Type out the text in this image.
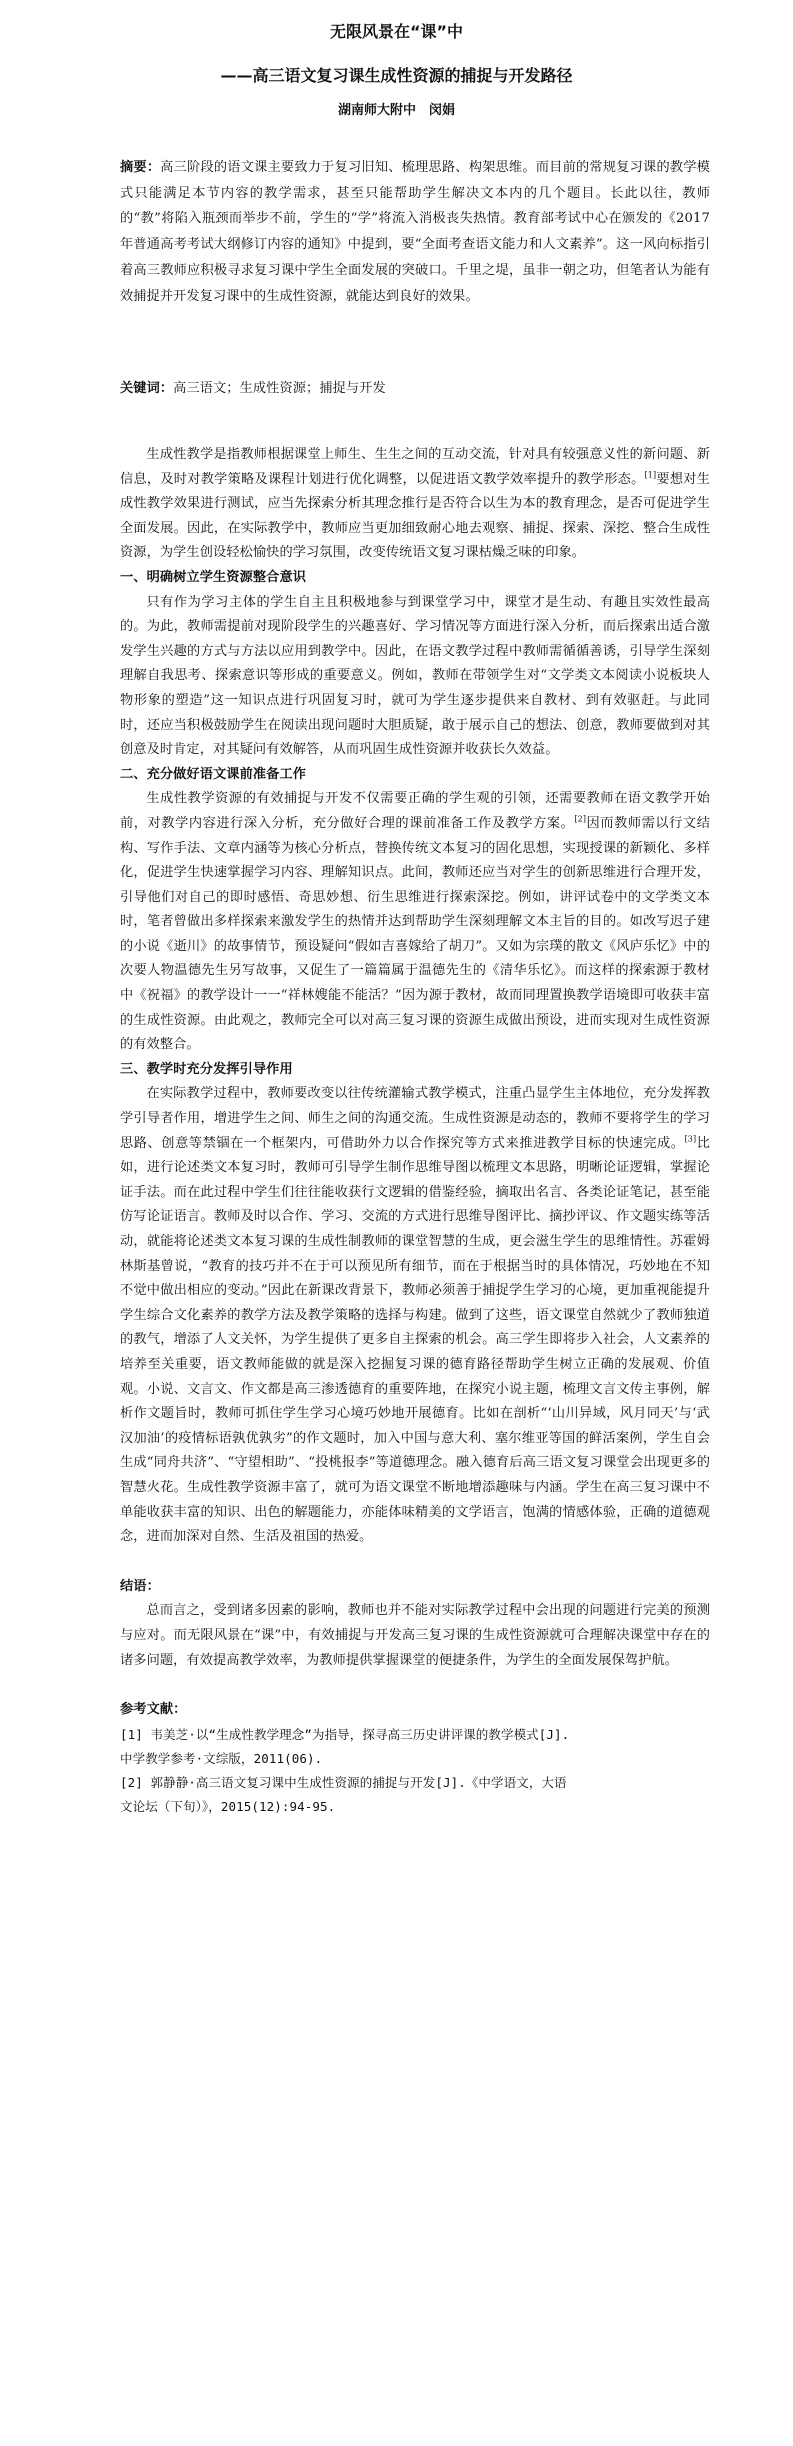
无限风景在“课”中
——高三语文复习课生成性资源的捕捉与开发路径
湖南师大附中　闵娟
摘要：高三阶段的语文课主要致力于复习旧知、梳理思路、构架思维。而目前的常规复习课的教学模式只能满足本节内容的教学需求，甚至只能帮助学生解决文本内的几个题目。长此以往，教师的“教”将陷入瓶颈而举步不前，学生的“学”将流入消极丧失热情。教育部考试中心在颁发的《2017年普通高考考试大纲修订内容的通知》中提到，要“全面考查语文能力和人文素养”。这一风向标指引着高三教师应积极寻求复习课中学生全面发展的突破口。千里之堤，虽非一朝之功，但笔者认为能有效捕捉并开发复习课中的生成性资源，就能达到良好的效果。
关键词：高三语文；生成性资源；捕捉与开发

生成性教学是指教师根据课堂上师生、生生之间的互动交流，针对具有较强意义性的新问题、新信息，及时对教学策略及课程计划进行优化调整，以促进语文教学效率提升的教学形态。[1]要想对生成性教学效果进行测试，应当先探索分析其理念推行是否符合以生为本的教育理念，是否可促进学生全面发展。因此，在实际教学中，教师应当更加细致耐心地去观察、捕捉、探索、深挖、整合生成性资源，为学生创设轻松愉快的学习氛围，改变传统语文复习课枯燥乏味的印象。

一、明确树立学生资源整合意识

只有作为学习主体的学生自主且积极地参与到课堂学习中，课堂才是生动、有趣且实效性最高的。为此，教师需提前对现阶段学生的兴趣喜好、学习情况等方面进行深入分析，而后探索出适合激发学生兴趣的方式与方法以应用到教学中。因此，在语文教学过程中教师需循循善诱，引导学生深刻理解自我思考、探索意识等形成的重要意义。例如，教师在带领学生对“文学类文本阅读小说板块人物形象的塑造”这一知识点进行巩固复习时，就可为学生逐步提供来自教材、到有效驱赶。与此同时，还应当积极鼓励学生在阅读出现问题时大胆质疑，敢于展示自己的想法、创意，教师要做到对其创意及时肯定，对其疑问有效解答，从而巩固生成性资源并收获长久效益。

二、充分做好语文课前准备工作

生成性教学资源的有效捕捉与开发不仅需要正确的学生观的引领，还需要教师在语文教学开始前，对教学内容进行深入分析，充分做好合理的课前准备工作及教学方案。[2]因而教师需以行文结构、写作手法、文章内涵等为核心分析点，替换传统文本复习的固化思想，实现授课的新颖化、多样化，促进学生快速掌握学习内容、理解知识点。此间，教师还应当对学生的创新思维进行合理开发，引导他们对自己的即时感悟、奇思妙想、衍生思维进行探索深挖。例如，讲评试卷中的文学类文本时，笔者曾做出多样探索来激发学生的热情并达到帮助学生深刻理解文本主旨的目的。如改写迟子建的小说《逝川》的故事情节，预设疑问“假如吉喜嫁给了胡刀”。又如为宗璞的散文《风庐乐忆》中的次要人物温德先生另写故事，又促生了一篇篇属于温德先生的《清华乐忆》。而这样的探索源于教材中《祝福》的教学设计一一“祥林嫂能不能活？”因为源于教材，故而同理置换教学语境即可收获丰富的生成性资源。由此观之，教师完全可以对高三复习课的资源生成做出预设，进而实现对生成性资源的有效整合。

三、教学时充分发挥引导作用

在实际教学过程中，教师要改变以往传统灌输式教学模式，注重凸显学生主体地位，充分发挥教学引导者作用，增进学生之间、师生之间的沟通交流。生成性资源是动态的，教师不要将学生的学习思路、创意等禁锢在一个框架内，可借助外力以合作探究等方式来推进教学目标的快速完成。[3]比如，进行论述类文本复习时，教师可引导学生制作思维导图以梳理文本思路，明晰论证逻辑，掌握论证手法。而在此过程中学生们往往能收获行文逻辑的借鉴经验，摘取出名言、各类论证笔记，甚至能仿写论证语言。教师及时以合作、学习、交流的方式进行思维导图评比、摘抄评议、作文题实练等活动，就能将论述类文本复习课的生成性制教师的课堂智慧的生成，更会滋生学生的思维情性。苏霍姆林斯基曾说，“教育的技巧并不在于可以预见所有细节，而在于根据当时的具体情况，巧妙地在不知不觉中做出相应的变动。”因此在新课改背景下，教师必须善于捕捉学生学习的心境，更加重视能提升学生综合文化素养的教学方法及教学策略的选择与构建。做到了这些，语文课堂自然就少了教师独道的教气，增添了人文关怀，为学生提供了更多自主探索的机会。高三学生即将步入社会，人文素养的培养至关重要，语文教师能做的就是深入挖掘复习课的德育路径帮助学生树立正确的发展观、价值观。小说、文言文、作文都是高三渗透德育的重要阵地，在探究小说主题，梳理文言文传主事例，解析作文题旨时，教师可抓住学生学习心境巧妙地开展德育。比如在剖析“‘山川异域，风月同天’与‘武汉加油’的疫情标语孰优孰劣”的作文题时，加入中国与意大利、塞尔维亚等国的鲜活案例，学生自会生成“同舟共济”、“守望相助”、“投桃报李”等道德理念。融入德育后高三语文复习课堂会出现更多的智慧火花。生成性教学资源丰富了，就可为语文课堂不断地增添趣味与内涵。学生在高三复习课中不单能收获丰富的知识、出色的解题能力，亦能体味精美的文学语言，饱满的情感体验，正确的道德观念，进而加深对自然、生活及祖国的热爱。

结语：

总而言之，受到诸多因素的影响，教师也并不能对实际教学过程中会出现的问题进行完美的预测与应对。而无限风景在“课”中，有效捕捉与开发高三复习课的生成性资源就可合理解决课堂中存在的诸多问题，有效提高教学效率，为教师提供掌握课堂的便捷条件，为学生的全面发展保驾护航。

参考文献：
[1] 韦美芝·以“生成性教学理念”为指导，探寻高三历史讲评课的教学模式[J].
中学教学参考·文综版，2011(06).
[2] 郭静静·高三语文复习课中生成性资源的捕捉与开发[J].《中学语文，大语
文论坛（下旬）》，2015(12):94-95.
